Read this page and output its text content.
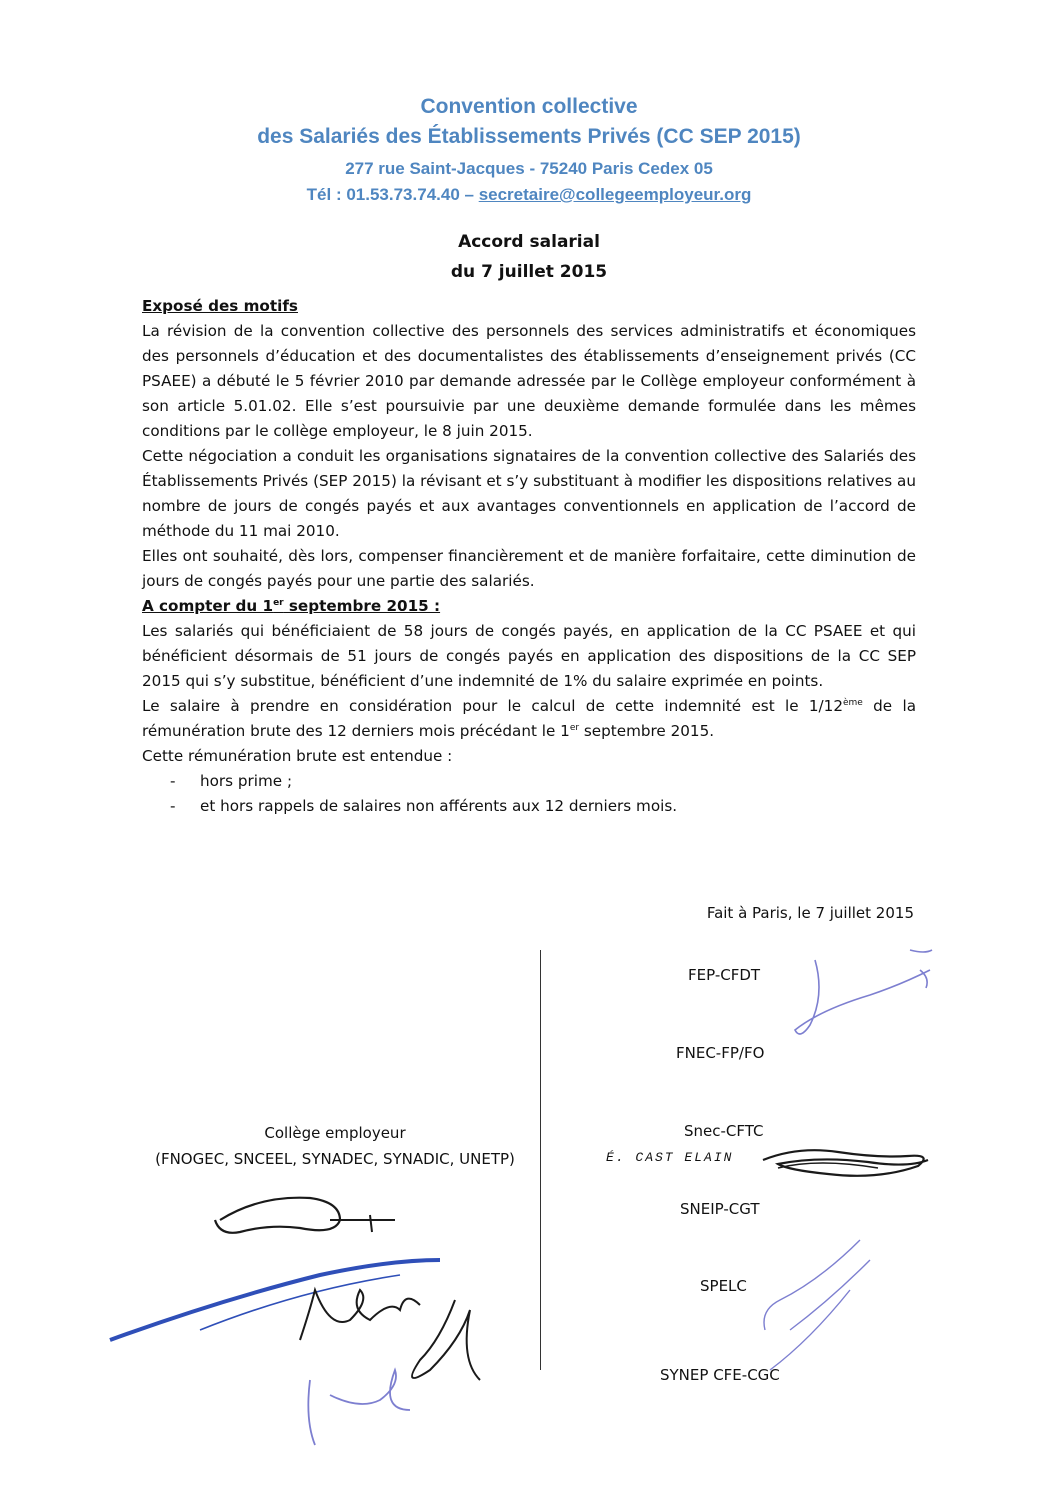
Convention collective
des Salariés des Établissements Privés (CC SEP 2015)
277 rue Saint-Jacques - 75240 Paris Cedex 05
Tél : 01.53.73.74.40 – secretaire@collegeemployeur.org
Accord salarial
du 7 juillet 2015

Exposé des motifs

La révision de la convention collective des personnels des services administratifs et économiques des personnels d’éducation et des documentalistes des établissements d’enseignement privés (CC PSAEE) a débuté le 5 février 2010 par demande adressée par le Collège employeur conformément à son article 5.01.02. Elle s’est poursuivie par une deuxième demande formulée dans les mêmes conditions par le collège employeur, le 8 juin 2015.

Cette négociation a conduit les organisations signataires de la convention collective des Salariés des Établissements Privés (SEP 2015) la révisant et s’y substituant à modifier les dispositions relatives au nombre de jours de congés payés et aux avantages conventionnels en application de l’accord de méthode du 11 mai 2010.

Elles ont souhaité, dès lors, compenser financièrement et de manière forfaitaire, cette diminution de jours de congés payés pour une partie des salariés.

A compter du 1er septembre 2015 :

Les salariés qui bénéficiaient de 58 jours de congés payés, en application de la CC PSAEE et qui bénéficient désormais de 51 jours de congés payés en application des dispositions de la CC SEP 2015 qui s’y substitue, bénéficient d’une indemnité de 1% du salaire exprimée en points.

Le salaire à prendre en considération pour le calcul de cette indemnité est le 1/12ème de la rémunération brute des 12 derniers mois précédant le 1er septembre 2015.

Cette rémunération brute est entendue :

- hors prime ;
- et hors rappels de salaires non afférents aux 12 derniers mois.
Fait à Paris, le 7 juillet 2015
FEP-CFDT
FNEC-FP/FO
Snec-CFTC
SNEIP-CGT
SPELC
SYNEP CFE-CGC
Collège employeur
(FNOGEC, SNCEEL, SYNADEC, SYNADIC, UNETP)	É. CAST ELAIN
